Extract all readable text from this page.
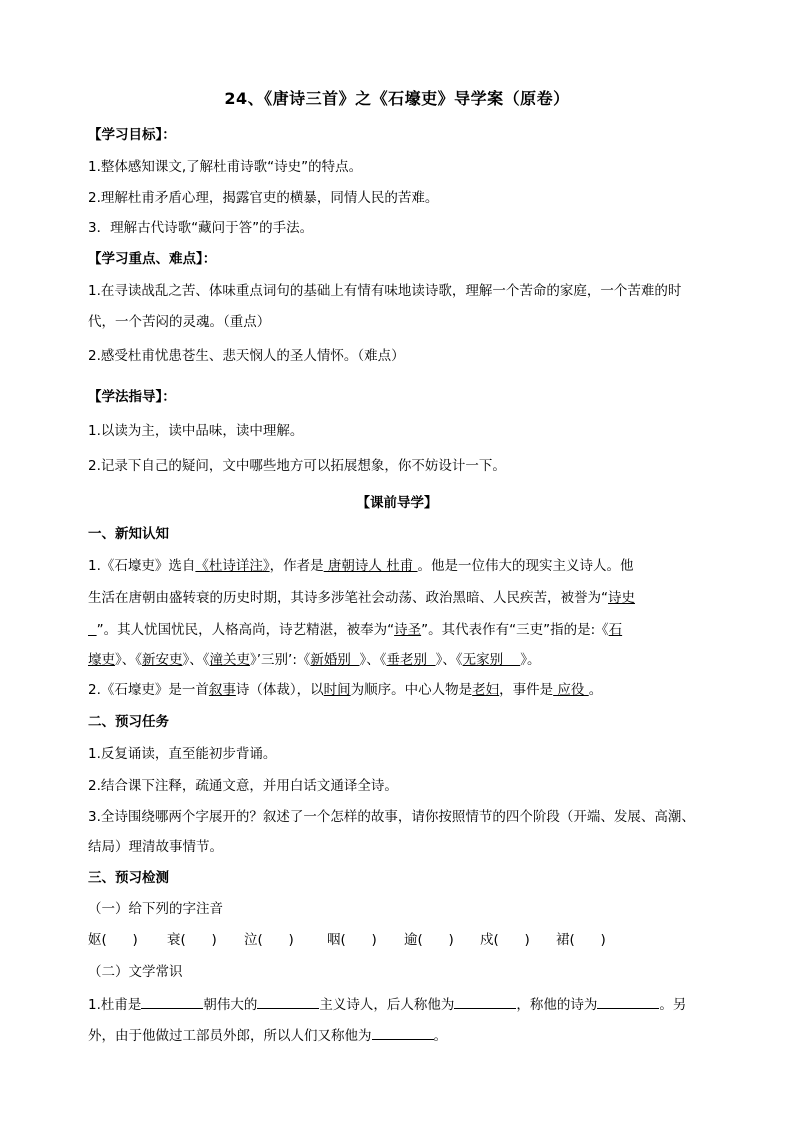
24、《唐诗三首》之《石壕吏》导学案（原卷）
【学习目标】：
1.整体感知课文,了解杜甫诗歌“诗史”的特点。
2.理解杜甫矛盾心理，揭露官吏的横暴，同情人民的苦难。
3．理解古代诗歌“藏问于答”的手法。
【学习重点、难点】：
1.在寻读战乱之苦、体味重点词句的基础上有情有味地读诗歌，理解一个苦命的家庭，一个苦难的时
代，一个苦闷的灵魂。（重点）
2.感受杜甫忧患苍生、悲天悯人的圣人情怀。（难点）
【学法指导】：
1.以读为主，读中品味，读中理解。
2.记录下自己的疑问，文中哪些地方可以拓展想象，你不妨设计一下。
【课前导学】
一、新知认知
1.《石壕吏》选自《杜诗详注》，作者是 唐朝诗人 杜甫 。他是一位伟大的现实主义诗人。他
生活在唐朝由盛转衰的历史时期，其诗多涉笔社会动荡、政治黑暗、人民疾苦，被誉为“诗史
”。其人忧国忧民，人格高尚，诗艺精湛，被奉为“诗圣”。其代表作有“三吏”指的是:《石
壕吏》、《新安吏》、《潼关吏》’三别’:《新婚别  》、《垂老别  》、《无家别    》。
2.《石壕吏》是一首叙事诗（体裁），以时间为顺序。中心人物是老妇，事件是 应役 。
二、预习任务
1.反复诵读，直至能初步背诵。
2.结合课下注释，疏通文意，并用白话文通译全诗。
3.全诗围绕哪两个字展开的？叙述了一个怎样的故事，请你按照情节的四个阶段（开端、发展、高潮、
结局）理清故事情节。
三、预习检测
（一）给下列的字注音
妪(      ) 衰(      ) 泣(      ) 咽(      ) 逾(      ) 戍(      ) 裙(      )
（二）文学常识
1.杜甫是	朝伟大的	主义诗人，后人称他为	，称他的诗为	。另
外，由于他做过工部员外郎，所以人们又称他为	。
